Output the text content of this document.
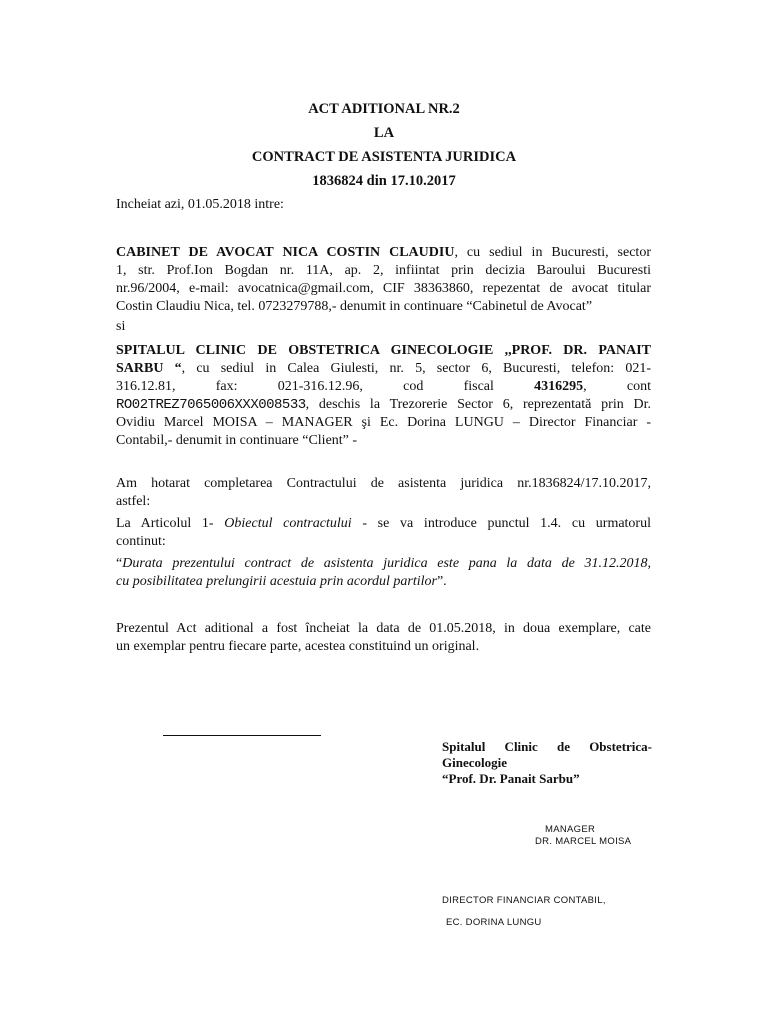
ACT ADITIONAL NR.2
LA
CONTRACT DE ASISTENTA JURIDICA
1836824 din 17.10.2017
Incheiat azi, 01.05.2018 intre:
CABINET DE AVOCAT NICA COSTIN CLAUDIU, cu sediul in Bucuresti, sector
1, str. Prof.Ion Bogdan nr. 11A, ap. 2, infiintat prin decizia Baroului Bucuresti
nr.96/2004, e-mail: avocatnica@gmail.com, CIF 38363860, repezentat de avocat titular
Costin Claudiu Nica, tel. 0723279788,- denumit in continuare “Cabinetul de Avocat”
si
SPITALUL CLINIC DE OBSTETRICA GINECOLOGIE ,,PROF. DR. PANAIT
SARBU “, cu sediul in Calea Giulesti, nr. 5, sector 6, Bucuresti, telefon: 021-
316.12.81,	fax:	021-316.12.96,	cod	fiscal	4316295,	cont
RO02TREZ7065006XXX008533, deschis la Trezorerie Sector 6, reprezentată prin Dr.
Ovidiu Marcel MOISA – MANAGER şi Ec. Dorina LUNGU – Director Financiar -
Contabil,- denumit in continuare “Client” -
Am hotarat completarea Contractului de asistenta juridica nr.1836824/17.10.2017,
astfel:
La Articolul 1- Obiectul contractului - se va introduce punctul 1.4. cu urmatorul
continut:
“Durata prezentului contract de asistenta juridica este pana la data de 31.12.2018,
cu posibilitatea prelungirii acestuia prin acordul partilor”.
Prezentul Act aditional a fost încheiat la data de 01.05.2018, in doua exemplare, cate
un exemplar pentru fiecare parte, acestea constituind un original.
Spitalul Clinic de Obstetrica-
Ginecologie
“Prof. Dr. Panait Sarbu”
MANAGER
DR. MARCEL MOISA
DIRECTOR FINANCIAR CONTABIL,
EC. DORINA LUNGU
